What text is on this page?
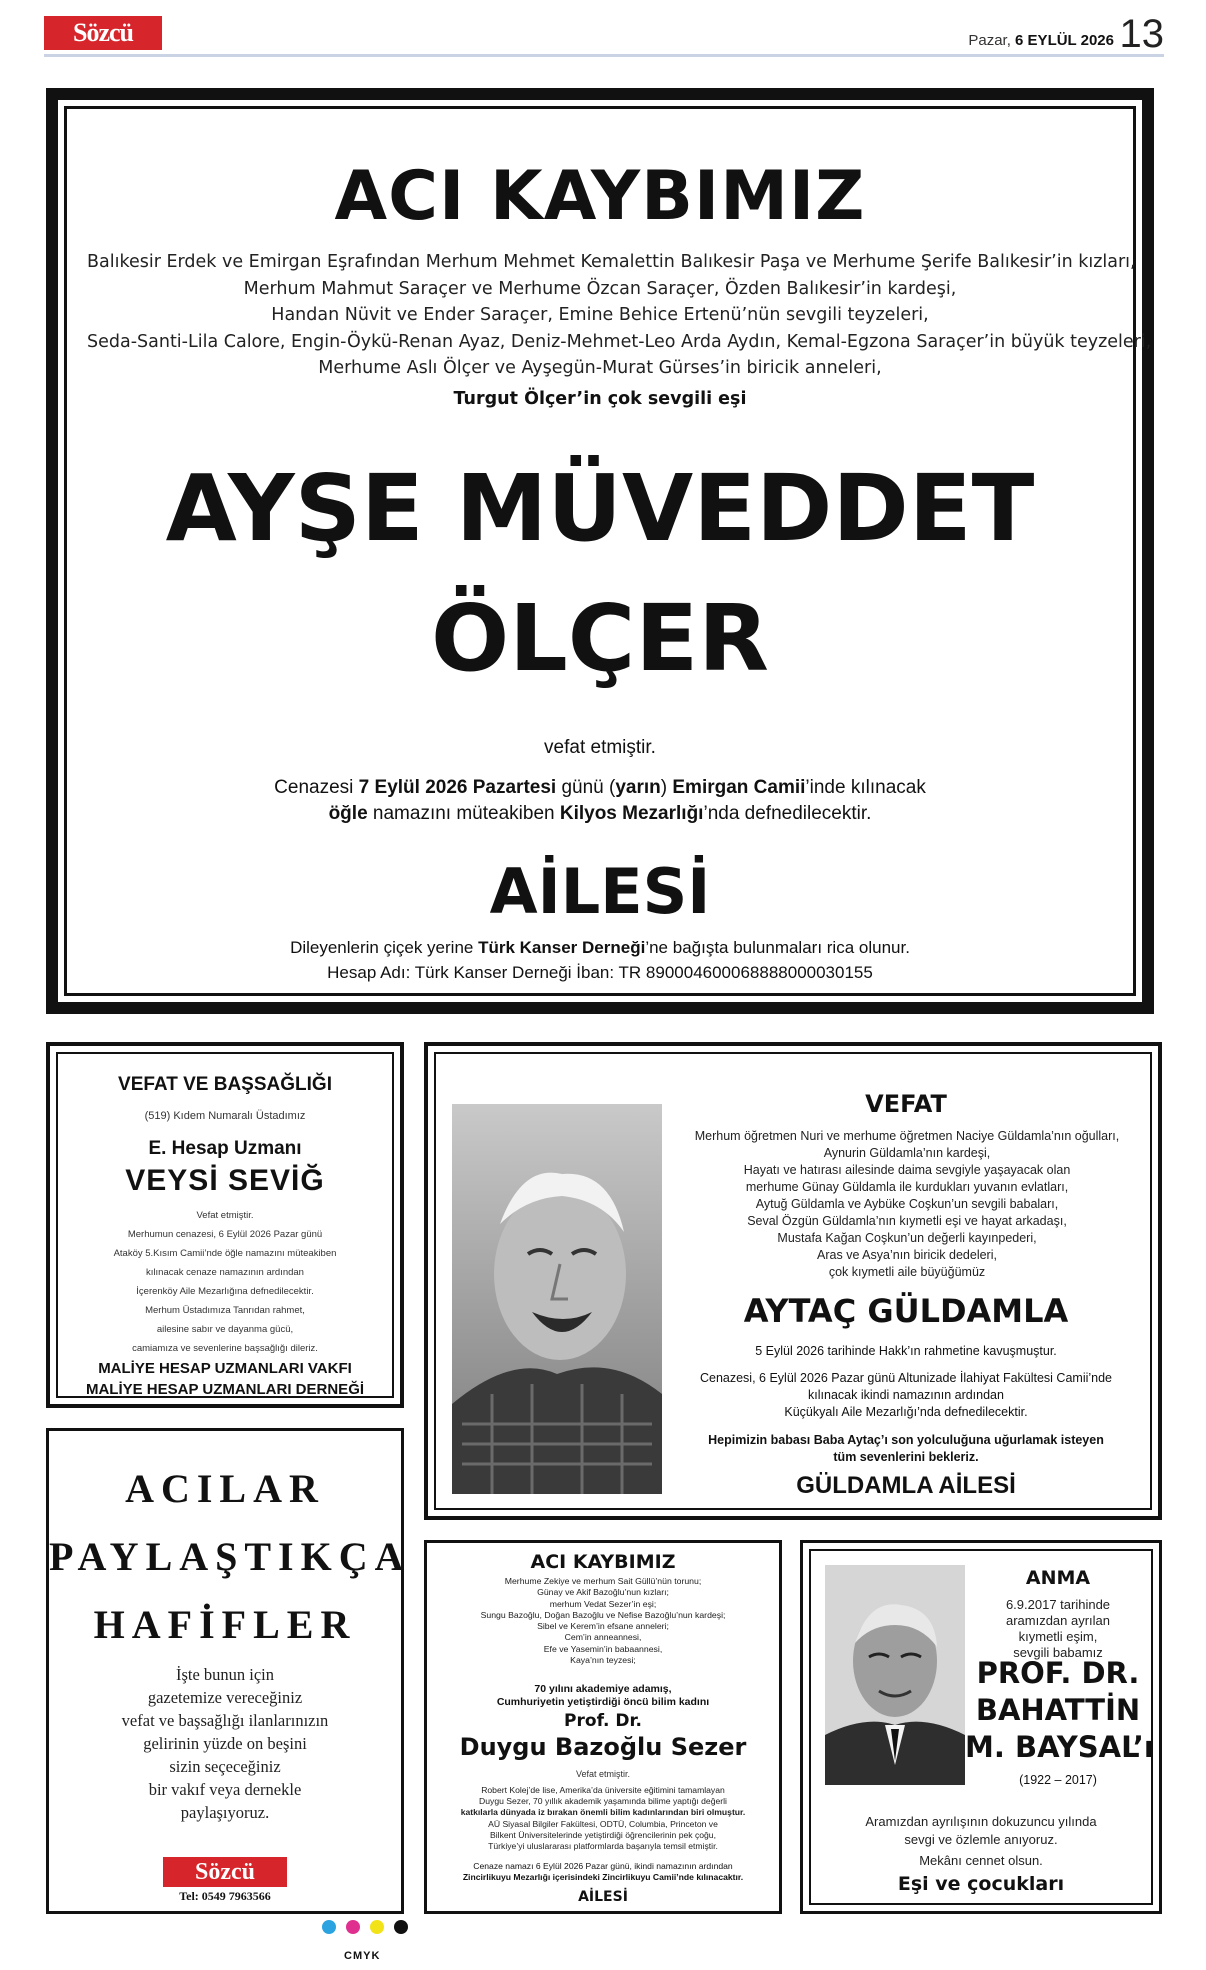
Sözcü	Pazar, 6 EYLÜL 2026 13
ACI KAYBIMIZ
Balıkesir Erdek ve Emirgan Eşrafından Merhum Mehmet Kemalettin Balıkesir Paşa ve Merhume Şerife Balıkesir’in kızları,
Merhum Mahmut Saraçer ve Merhume Özcan Saraçer, Özden Balıkesir’in kardeşi,
Handan Nüvit ve Ender Saraçer, Emine Behice Ertenü’nün sevgili teyzeleri,
Seda-Santi-Lila Calore, Engin-Öykü-Renan Ayaz, Deniz-Mehmet-Leo Arda Aydın, Kemal-Egzona Saraçer’in büyük teyzeleri,
Merhume Aslı Ölçer ve Ayşegün-Murat Gürses’in biricik anneleri,
Turgut Ölçer’in çok sevgili eşi
AYŞE MÜVEDDET
ÖLÇER
vefat etmiştir.
Cenazesi 7 Eylül 2026 Pazartesi günü (yarın) Emirgan Camii’inde kılınacak
öğle namazını müteakiben Kilyos Mezarlığı’nda defnedilecektir.
AİLESİ
Dileyenlerin çiçek yerine Türk Kanser Derneği’ne bağışta bulunmaları rica olunur.
Hesap Adı: Türk Kanser Derneği İban: TR 890004600068888000030155
VEFAT VE BAŞSAĞLIĞI
(519) Kıdem Numaralı Üstadımız
E. Hesap Uzmanı
VEYSİ SEVİĞ
Vefat etmiştir.
Merhumun cenazesi, 6 Eylül 2026 Pazar günü
Ataköy 5.Kısım Camii’nde öğle namazını müteakiben
kılınacak cenaze namazının ardından
İçerenköy Aile Mezarlığına defnedilecektir.
Merhum Üstadımıza Tanrıdan rahmet,
ailesine sabır ve dayanma gücü,
camiamıza ve sevenlerine başsağlığı dileriz.
MALİYE HESAP UZMANLARI VAKFI
MALİYE HESAP UZMANLARI DERNEĞİ
ACILAR
PAYLAŞTIKÇA
HAFİFLER
İşte bunun için
gazetemize vereceğiniz
vefat ve başsağlığı ilanlarınızın
gelirinin yüzde on beşini
sizin seçeceğiniz
bir vakıf veya dernekle
paylaşıyoruz.
Sözcü
Tel: 0549 7963566
VEFAT
Merhum öğretmen Nuri ve merhume öğretmen Naciye Güldamla’nın oğulları,
Aynurin Güldamla’nın kardeşi,
Hayatı ve hatırası ailesinde daima sevgiyle yaşayacak olan
merhume Günay Güldamla ile kurdukları yuvanın evlatları,
Aytuğ Güldamla ve Aybüke Coşkun’un sevgili babaları,
Seval Özgün Güldamla’nın kıymetli eşi ve hayat arkadaşı,
Mustafa Kağan Coşkun’un değerli kayınpederi,
Aras ve Asya’nın biricik dedeleri,
çok kıymetli aile büyüğümüz
AYTAÇ GÜLDAMLA
5 Eylül 2026 tarihinde Hakk’ın rahmetine kavuşmuştur.
Cenazesi, 6 Eylül 2026 Pazar günü Altunizade İlahiyat Fakültesi Camii’nde
kılınacak ikindi namazının ardından
Küçükyalı Aile Mezarlığı’nda defnedilecektir.
Hepimizin babası Baba Aytaç’ı son yolculuğuna uğurlamak isteyen
tüm sevenlerini bekleriz.
GÜLDAMLA AİLESİ
ACI KAYBIMIZ
Merhume Zekiye ve merhum Sait Güllü’nün torunu;
Günay ve Akif Bazoğlu’nun kızları;
merhum Vedat Sezer’in eşi;
Sungu Bazoğlu, Doğan Bazoğlu ve Nefise Bazoğlu’nun kardeşi;
Sibel ve Kerem’in efsane anneleri;
Cem’in anneannesi,
Efe ve Yasemin’in babaannesi,
Kaya’nın teyzesi;
70 yılını akademiye adamış,
Cumhuriyetin yetiştirdiği öncü bilim kadını
Prof. Dr.
Duygu Bazoğlu Sezer
Vefat etmiştir.
Robert Kolej’de lise, Amerika’da üniversite eğitimini tamamlayan
Duygu Sezer, 70 yıllık akademik yaşamında bilime yaptığı değerli
katkılarla dünyada iz bırakan önemli bilim kadınlarından biri olmuştur.
AÜ Siyasal Bilgiler Fakültesi, ODTÜ, Columbia, Princeton ve
Bilkent Üniversitelerinde yetiştirdiği öğrencilerinin pek çoğu,
Türkiye’yi uluslararası platformlarda başarıyla temsil etmiştir.
Cenaze namazı 6 Eylül 2026 Pazar günü, ikindi namazının ardından
Zincirlikuyu Mezarlığı içerisindeki Zincirlikuyu Camii’nde kılınacaktır.
AİLESİ
ANMA
6.9.2017 tarihinde
aramızdan ayrılan
kıymetli eşim,
sevgili babamız
PROF. DR.
BAHATTİN
M. BAYSAL’ı
(1922 – 2017)
Aramızdan ayrılışının dokuzuncu yılında
sevgi ve özlemle anıyoruz.
Mekânı cennet olsun.
Eşi ve çocukları
CMYK
